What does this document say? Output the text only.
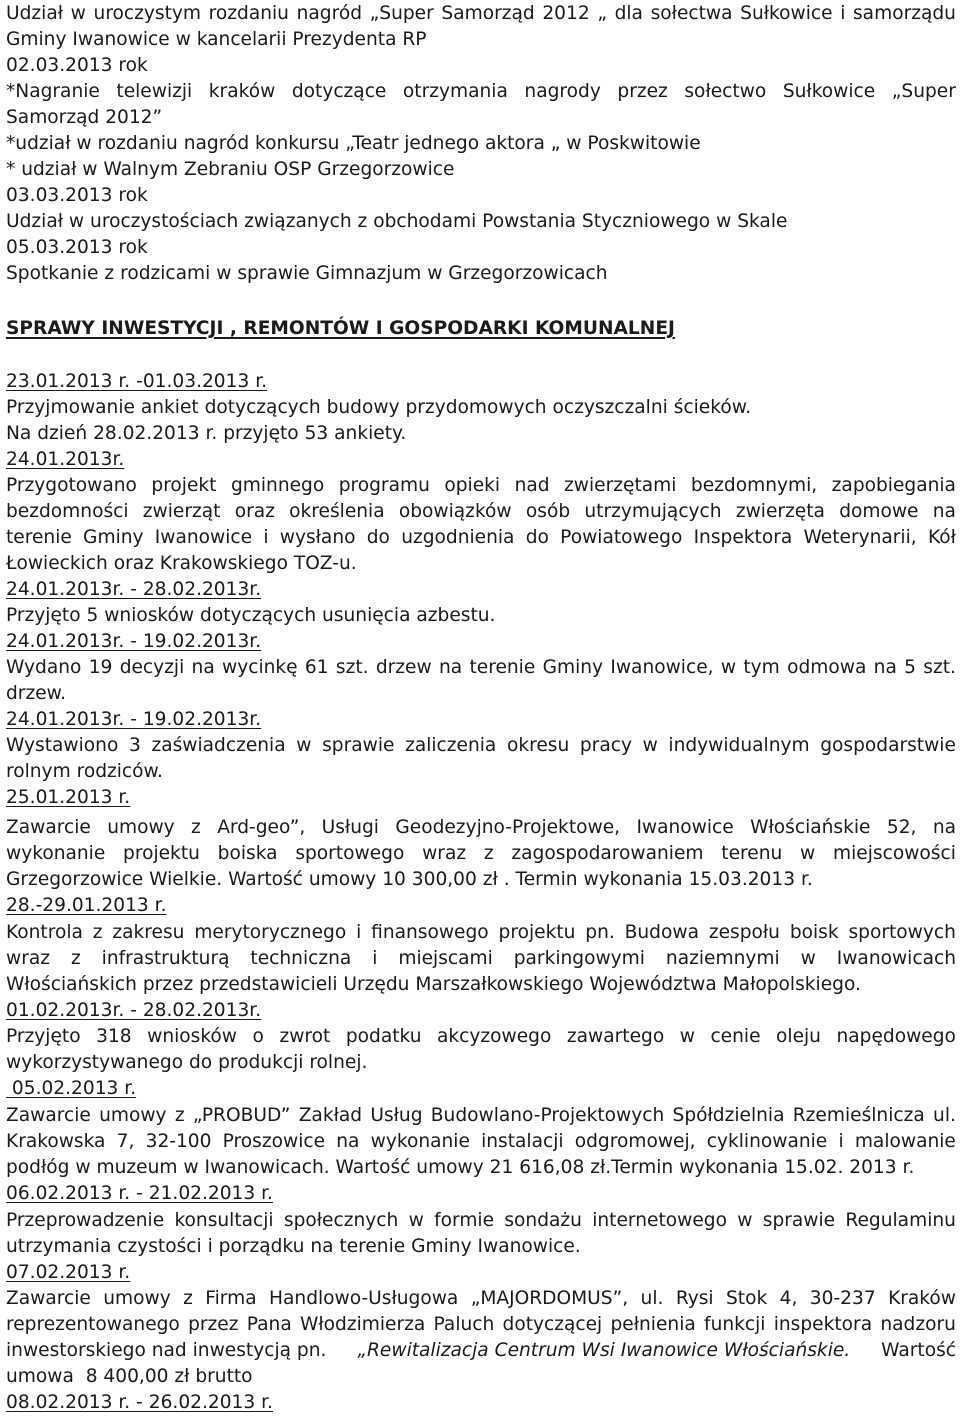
Udział w uroczystym rozdaniu nagród „Super Samorząd 2012 „ dla sołectwa Sułkowice i samorządu
Gminy Iwanowice w kancelarii Prezydenta RP
02.03.2013 rok
*Nagranie telewizji kraków dotyczące otrzymania nagrody przez sołectwo Sułkowice „Super
Samorząd 2012”
*udział w rozdaniu nagród konkursu „Teatr jednego aktora „ w Poskwitowie
* udział w Walnym Zebraniu OSP Grzegorzowice
03.03.2013 rok
Udział w uroczystościach związanych z obchodami Powstania Styczniowego w Skale
05.03.2013 rok
Spotkanie z rodzicami w sprawie Gimnazjum w Grzegorzowicach
SPRAWY INWESTYCJI , REMONTÓW I GOSPODARKI KOMUNALNEJ
23.01.2013 r. -01.03.2013 r.
Przyjmowanie ankiet dotyczących budowy przydomowych oczyszczalni ścieków.
Na dzień 28.02.2013 r. przyjęto 53 ankiety.
24.01.2013r.
Przygotowano projekt gminnego programu opieki nad zwierzętami bezdomnymi, zapobiegania
bezdomności zwierząt oraz określenia obowiązków osób utrzymujących zwierzęta domowe na
terenie Gminy Iwanowice i wysłano do uzgodnienia do Powiatowego Inspektora Weterynarii, Kół
Łowieckich oraz Krakowskiego TOZ-u.
24.01.2013r. - 28.02.2013r.
Przyjęto 5 wniosków dotyczących usunięcia azbestu.
24.01.2013r. - 19.02.2013r.
Wydano 19 decyzji na wycinkę 61 szt. drzew na terenie Gminy Iwanowice, w tym odmowa na 5 szt.
drzew.
24.01.2013r. - 19.02.2013r.
Wystawiono 3 zaświadczenia w sprawie zaliczenia okresu pracy w indywidualnym gospodarstwie
rolnym rodziców.
25.01.2013 r.
Zawarcie umowy z Ard-geo”, Usługi Geodezyjno-Projektowe, Iwanowice Włościańskie 52, na
wykonanie projektu boiska sportowego wraz z zagospodarowaniem terenu w miejscowości
Grzegorzowice Wielkie. Wartość umowy 10 300,00 zł . Termin wykonania 15.03.2013 r.
28.-29.01.2013 r.
Kontrola z zakresu merytorycznego i finansowego projektu pn. Budowa zespołu boisk sportowych
wraz z infrastrukturą techniczna i miejscami parkingowymi naziemnymi w Iwanowicach
Włościańskich przez przedstawicieli Urzędu Marszałkowskiego Województwa Małopolskiego.
01.02.2013r. - 28.02.2013r.
Przyjęto 318 wniosków o zwrot podatku akcyzowego zawartego w cenie oleju napędowego
wykorzystywanego do produkcji rolnej.
05.02.2013 r.
Zawarcie umowy z „PROBUD” Zakład Usług Budowlano-Projektowych Spółdzielnia Rzemieślnicza ul.
Krakowska 7, 32-100 Proszowice na wykonanie instalacji odgromowej, cyklinowanie i malowanie
podłóg w muzeum w Iwanowicach. Wartość umowy 21 616,08 zł.Termin wykonania 15.02. 2013 r.
06.02.2013 r. - 21.02.2013 r.
Przeprowadzenie konsultacji społecznych w formie sondażu internetowego w sprawie Regulaminu
utrzymania czystości i porządku na terenie Gminy Iwanowice.
07.02.2013 r.
Zawarcie umowy z Firma Handlowo-Usługowa „MAJORDOMUS”, ul. Rysi Stok 4, 30-237 Kraków
reprezentowanego przez Pana Włodzimierza Paluch dotyczącej pełnienia funkcji inspektora nadzoru
inwestorskiego nad inwestycją pn. „Rewitalizacja Centrum Wsi Iwanowice Włościańskie. Wartość
umowa  8 400,00 zł brutto
08.02.2013 r. - 26.02.2013 r.
